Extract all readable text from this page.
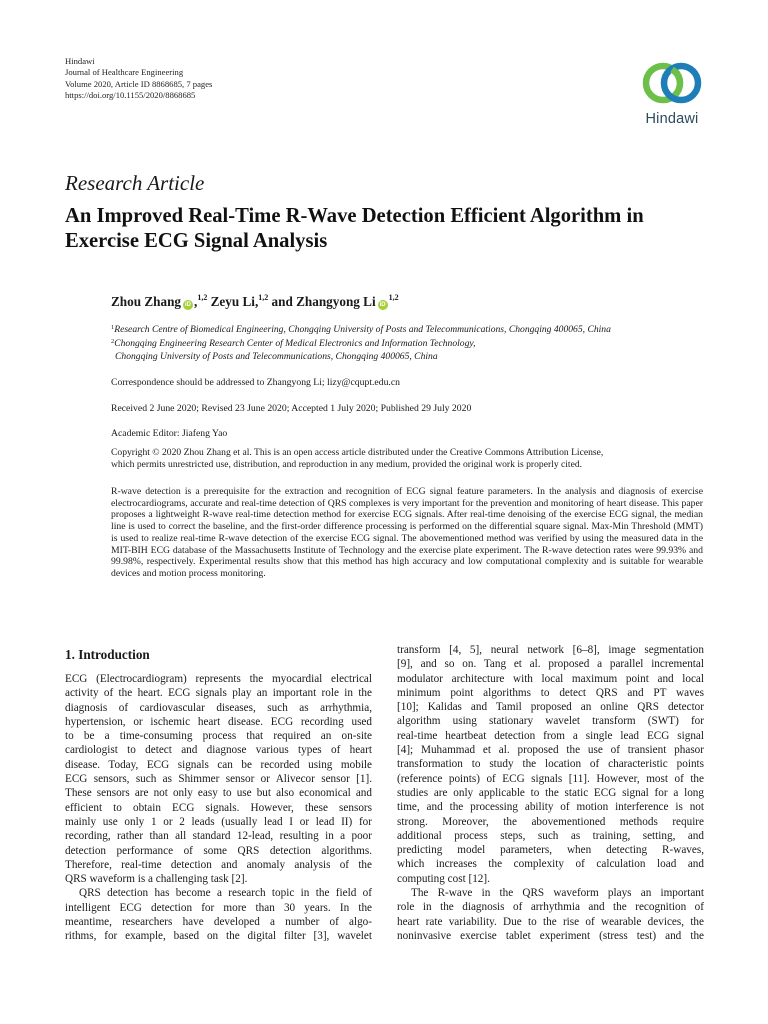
Hindawi
Journal of Healthcare Engineering
Volume 2020, Article ID 8868685, 7 pages
https://doi.org/10.1155/2020/8868685
Hindawi
Research Article
An Improved Real-Time R-Wave Detection Efficient Algorithm in
Exercise ECG Signal Analysis
Zhou Zhang iD ,$^{1,2}$ Zeyu Li,$^{1,2}$ and Zhangyong Li iD$^{1,2}$
$^1$Research Centre of Biomedical Engineering, Chongqing University of Posts and Telecommunications, Chongqing 400065, China
$^2$Chongqing Engineering Research Center of Medical Electronics and Information Technology,
Chongqing University of Posts and Telecommunications, Chongqing 400065, China
Correspondence should be addressed to Zhangyong Li; lizy@cqupt.edu.cn
Received 2 June 2020; Revised 23 June 2020; Accepted 1 July 2020; Published 29 July 2020
Academic Editor: Jiafeng Yao
Copyright © 2020 Zhou Zhang et al. This is an open access article distributed under the Creative Commons Attribution License,
which permits unrestricted use, distribution, and reproduction in any medium, provided the original work is properly cited.

R-wave detection is a prerequisite for the extraction and recognition of ECG signal feature parameters. In the analysis and diagnosis of exercise electrocardiograms, accurate and real-time detection of QRS complexes is very important for the prevention and monitoring of heart disease. This paper proposes a lightweight R-wave real-time detection method for exercise ECG signals. After real-time denoising of the exercise ECG signal, the median line is used to correct the baseline, and the first-order difference processing is performed on the differential square signal. Max-Min Threshold (MMT) is used to realize real-time R-wave detection of the exercise ECG signal. The abovementioned method was verified by using the measured data in the MIT-BIH ECG database of the Massachusetts Institute of Technology and the exercise plate experiment. The R-wave detection rates were 99.93% and 99.98%, respectively. Experimental results show that this method has high accuracy and low computational complexity and is suitable for wearable devices and motion process monitoring.

1. Introduction

ECG (Electrocardiogram) represents the myocardial electrical
activity of the heart. ECG signals play an important role in the
diagnosis of cardiovascular diseases, such as arrhythmia,
hypertension, or ischemic heart disease. ECG recording used
to be a time-consuming process that required an on-site
cardiologist to detect and diagnose various types of heart
disease. Today, ECG signals can be recorded using mobile
ECG sensors, such as Shimmer sensor or Alivecor sensor [1].
These sensors are not only easy to use but also economical and
efficient to obtain ECG signals. However, these sensors
mainly use only 1 or 2 leads (usually lead I or lead II) for
recording, rather than all standard 12-lead, resulting in a poor
detection performance of some QRS detection algorithms.
Therefore, real-time detection and anomaly analysis of the
QRS waveform is a challenging task [2].

QRS detection has become a research topic in the field of
intelligent ECG detection for more than 30 years. In the
meantime, researchers have developed a number of algo-
rithms, for example, based on the digital filter [3], wavelet

transform [4, 5], neural network [6–8], image segmentation
[9], and so on. Tang et al. proposed a parallel incremental
modulator architecture with local maximum point and local
minimum point algorithms to detect QRS and PT waves
[10]; Kalidas and Tamil proposed an online QRS detector
algorithm using stationary wavelet transform (SWT) for
real-time heartbeat detection from a single lead ECG signal
[4]; Muhammad et al. proposed the use of transient phasor
transformation to study the location of characteristic points
(reference points) of ECG signals [11]. However, most of the
studies are only applicable to the static ECG signal for a long
time, and the processing ability of motion interference is not
strong. Moreover, the abovementioned methods require
additional process steps, such as training, setting, and
predicting model parameters, when detecting R-waves,
which increases the complexity of calculation load and
computing cost [12].

The R-wave in the QRS waveform plays an important
role in the diagnosis of arrhythmia and the recognition of
heart rate variability. Due to the rise of wearable devices, the
noninvasive exercise tablet experiment (stress test) and the
